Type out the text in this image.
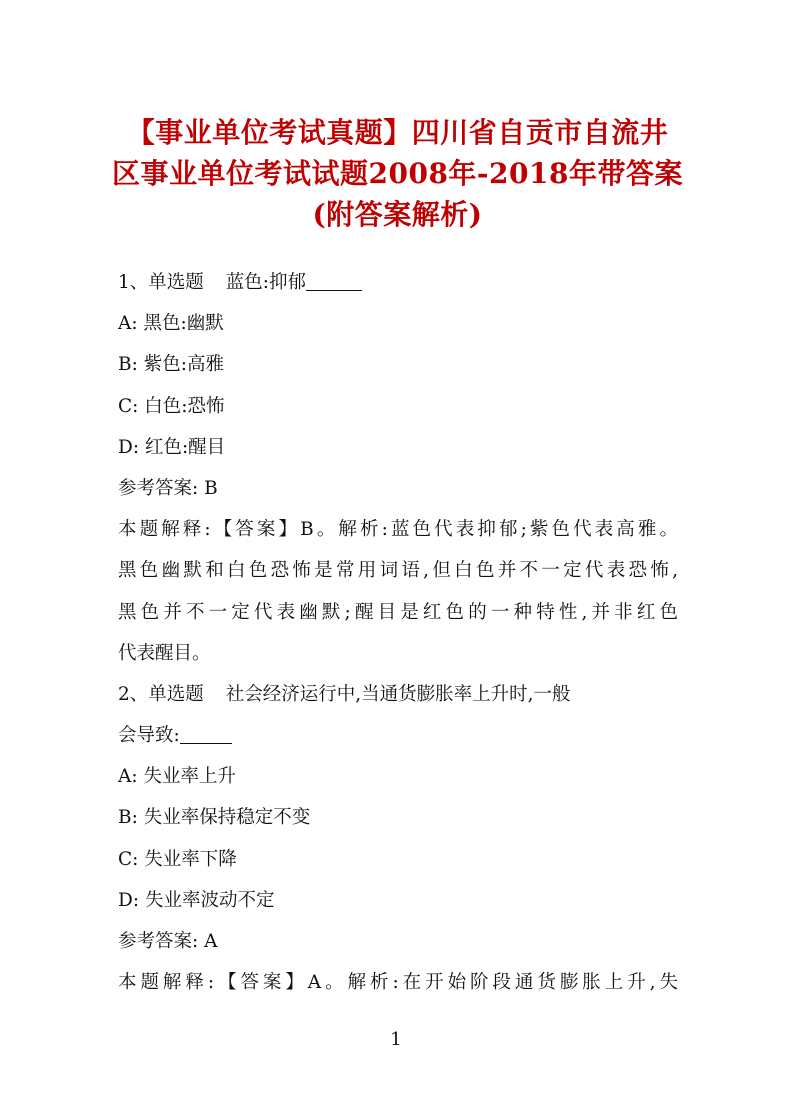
【事业单位考试真题】四川省自贡市自流井
区事业单位考试试题2008年-2018年带答案
(附答案解析)
1、单选题 蓝色:抑郁
A: 黑色:幽默
B: 紫色:高雅
C: 白色:恐怖
D: 红色:醒目
参考答案: B
本题解释:【答案】B。解析:蓝色代表抑郁;紫色代表高雅。
黑色幽默和白色恐怖是常用词语,但白色并不一定代表恐怖,
黑色并不一定代表幽默;醒目是红色的一种特性,并非红色
代表醒目。
2、单选题 社会经济运行中,当通货膨胀率上升时,一般
会导致:
A: 失业率上升
B: 失业率保持稳定不变
C: 失业率下降
D: 失业率波动不定
参考答案: A
本题解释:【答案】A。解析:在开始阶段通货膨胀上升,失
1
